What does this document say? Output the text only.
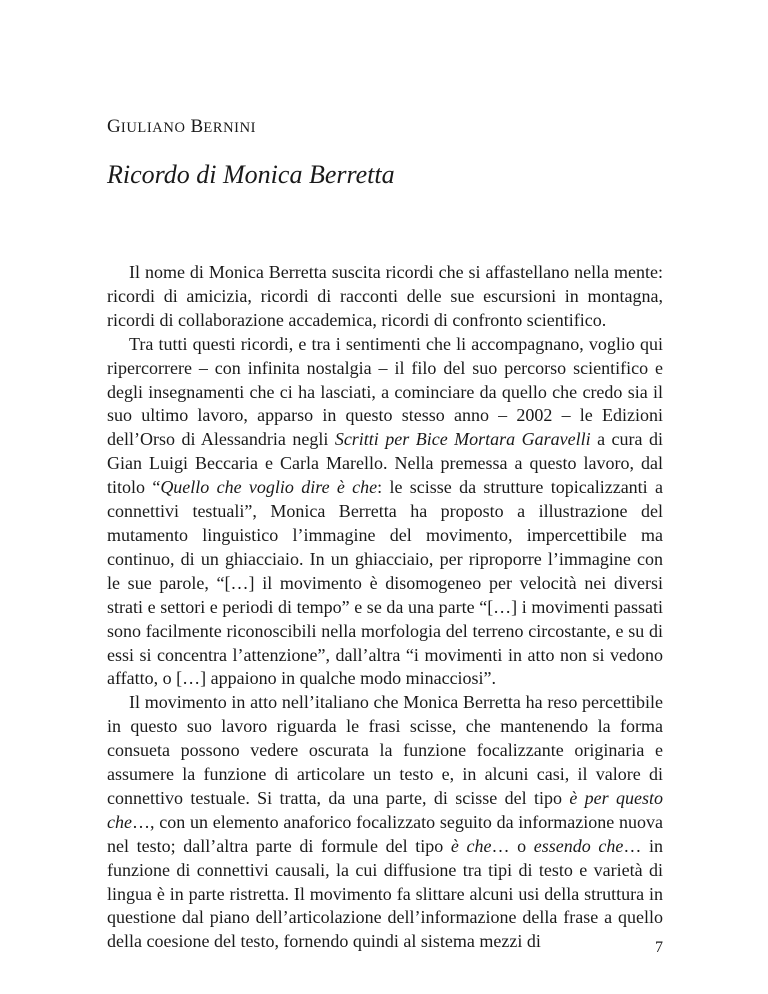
GIULIANO BERNINI
Ricordo di Monica Berretta

Il nome di Monica Berretta suscita ricordi che si affastellano nella mente: ricordi di amicizia, ricordi di racconti delle sue escursioni in montagna, ricordi di collaborazione accademica, ricordi di confronto scientifico.

Tra tutti questi ricordi, e tra i sentimenti che li accompagnano, voglio qui ripercorrere – con infinita nostalgia – il filo del suo percorso scientifico e degli insegnamenti che ci ha lasciati, a cominciare da quello che credo sia il suo ultimo lavoro, apparso in questo stesso anno – 2002 – le Edizioni dell’Orso di Alessandria negli Scritti per Bice Mortara Garavelli a cura di Gian Luigi Beccaria e Carla Marello. Nella premessa a questo lavoro, dal titolo “Quello che voglio dire è che: le scisse da strutture topicalizzanti a connettivi testuali”, Monica Berretta ha proposto a illustrazione del mutamento linguistico l’immagine del movimento, impercettibile ma continuo, di un ghiacciaio. In un ghiacciaio, per riproporre l’immagine con le sue parole, “[…] il movimento è disomogeneo per velocità nei diversi strati e settori e periodi di tempo” e se da una parte “[…] i movimenti passati sono facilmente riconoscibili nella morfologia del terreno circostante, e su di essi si concentra l’attenzione”, dall’altra “i movimenti in atto non si vedono affatto, o […] appaiono in qualche modo minacciosi”.

Il movimento in atto nell’italiano che Monica Berretta ha reso percettibile in questo suo lavoro riguarda le frasi scisse, che mantenendo la forma consueta possono vedere oscurata la funzione focalizzante originaria e assumere la funzione di articolare un testo e, in alcuni casi, il valore di connettivo testuale. Si tratta, da una parte, di scisse del tipo è per questo che…, con un elemento anaforico focalizzato seguito da informazione nuova nel testo; dall’altra parte di formule del tipo è che… o essendo che… in funzione di connettivi causali, la cui diffusione tra tipi di testo e varietà di lingua è in parte ristretta. Il movimento fa slittare alcuni usi della struttura in questione dal piano dell’articolazione dell’informazione della frase a quello della coesione del testo, fornendo quindi al sistema mezzi di	7
